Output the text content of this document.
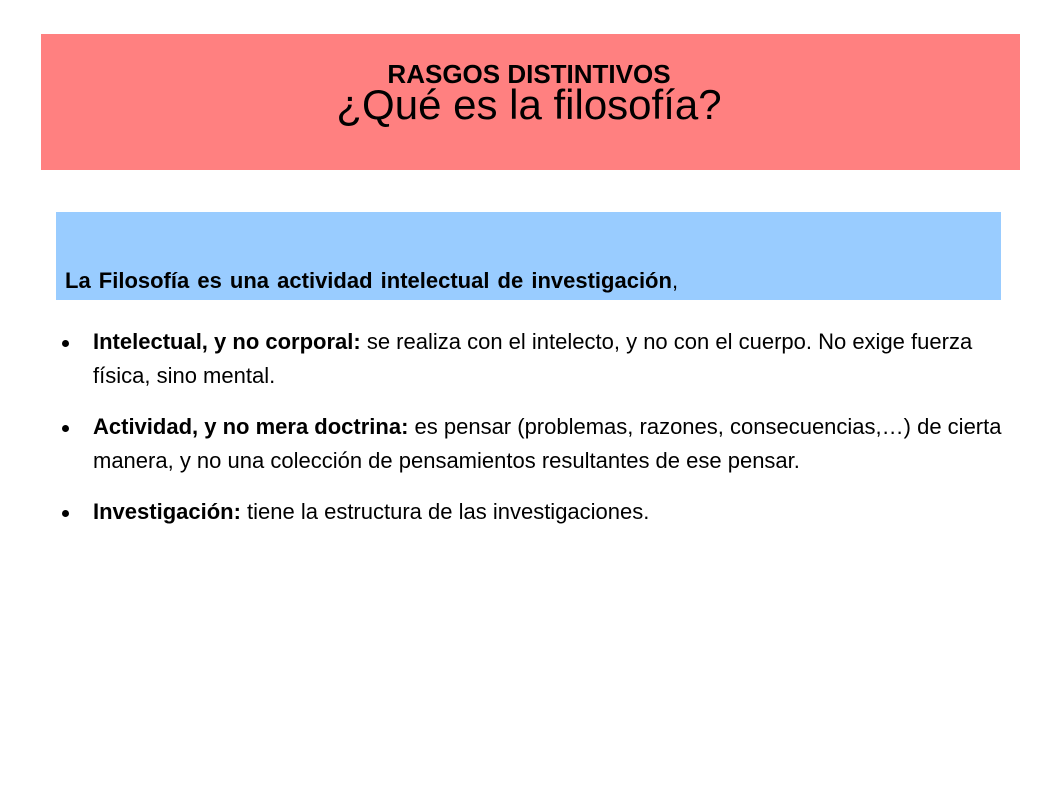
RASGOS DISTINTIVOS
¿Qué es la filosofía?
La Filosofía es una actividad intelectual de investigación,
Intelectual, y no corporal: se realiza con el intelecto, y no con el cuerpo. No exige fuerza física, sino mental.
Actividad, y no mera doctrina: es pensar (problemas, razones, consecuencias,…) de cierta manera, y no una colección de pensamientos resultantes de ese pensar.
Investigación: tiene la estructura de las investigaciones.
